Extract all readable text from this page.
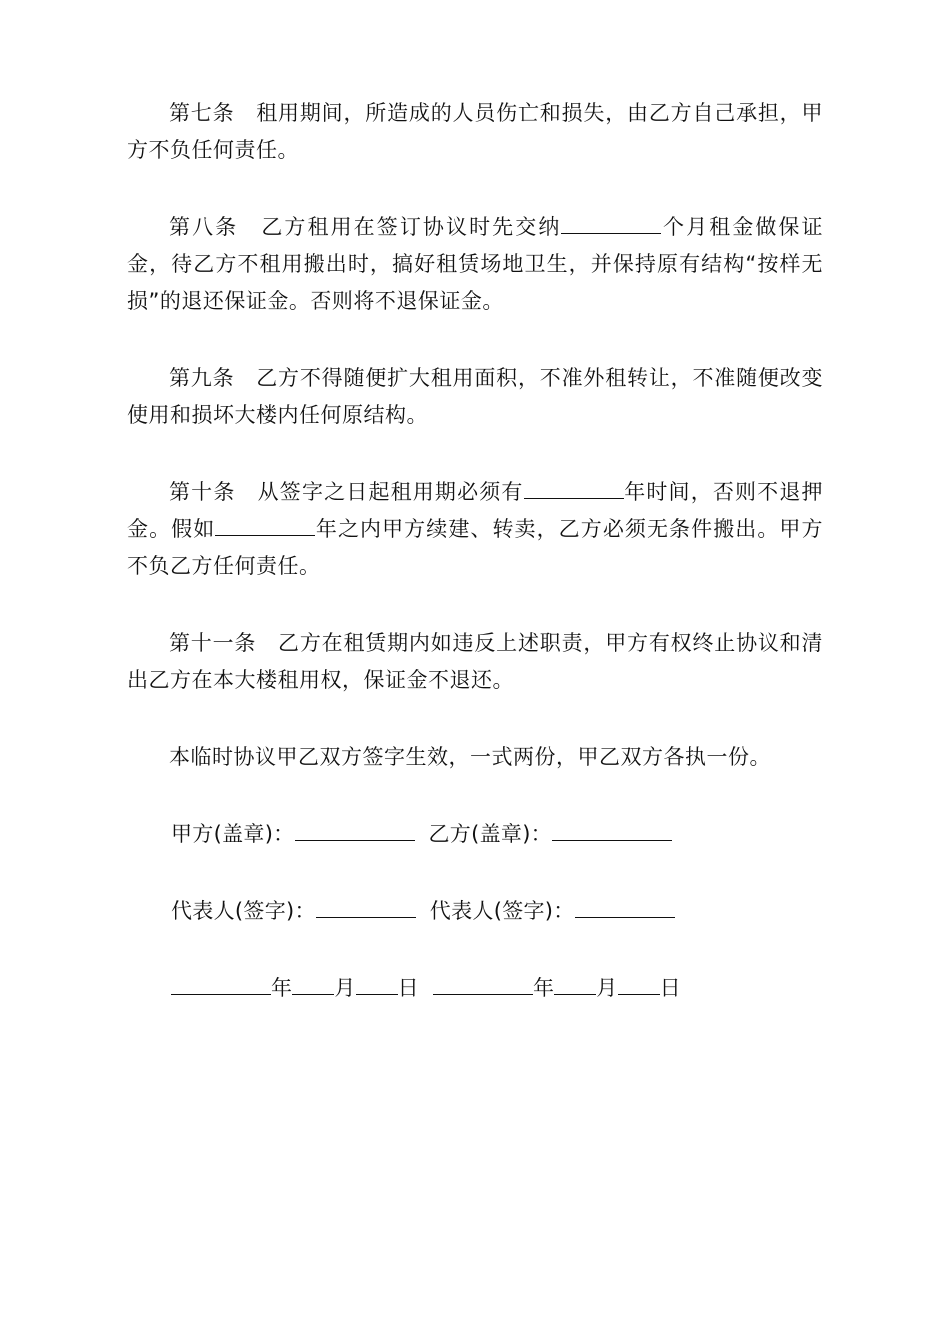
第七条　租用期间，所造成的人员伤亡和损失，由乙方自己承担，甲方不负任何责任。

第八条　乙方租用在签订协议时先交纳	个月租金做保证金，待乙方不租用搬出时，搞好租赁场地卫生，并保持原有结构“按样无损”的退还保证金。否则将不退保证金。

第九条　乙方不得随便扩大租用面积，不准外租转让，不准随便改变使用和损坏大楼内任何原结构。

第十条　从签字之日起租用期必须有	年时间，否则不退押金。假如	年之内甲方续建、转卖，乙方必须无条件搬出。甲方不负乙方任何责任。

第十一条　乙方在租赁期内如违反上述职责，甲方有权终止协议和清出乙方在本大楼租用权，保证金不退还。

本临时协议甲乙双方签字生效，一式两份，甲乙双方各执一份。

甲方(盖章)：	乙方(盖章)：

代表人(签字)：	代表人(签字)：

年 月 日	年 月 日
